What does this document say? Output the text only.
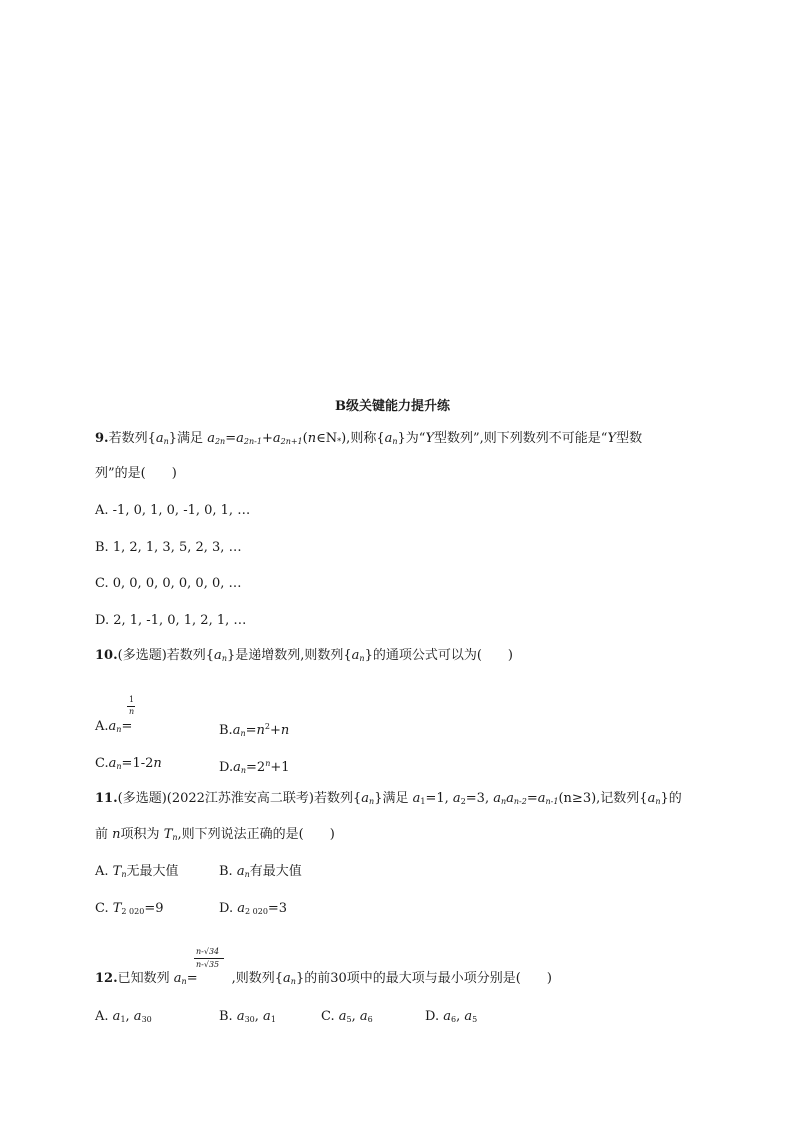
B级关键能力提升练
9.若数列$\{a_n\}$满足 $a_{2n}=a_{2n-1}+a_{2n+1}(n\in N_*)$,则称$\{a_n\}$为“Y型数列”,则下列数列不可能是“Y型数
列”的是(　　)
A. -1, 0, 1, 0, -1, 0, 1, …
B. 1, 2, 1, 3, 5, 2, 3, …
C. 0, 0, 0, 0, 0, 0, 0, …
D. 2, 1, -1, 0, 1, 2, 1, …
10.(多选题)若数列$\{a_n\}$是递增数列,则数列$\{a_n\}$的通项公式可以为(　　)
1
n
$A.a_n=$	$B.a_n=n^2+n$
$C.a_n=1-2n$	$D.a_n=2^n+1$
11.(多选题)(2022江苏淮安高二联考)若数列$\{a_n\}$满足 $a_1=1$, $a_2=3$, $a_na_{n-2}=a_{n-1}(n\ge 3)$,记数列$\{a_n\}$的
前 n项积为 $T_n$,则下列说法正确的是(　　)
A. $T_n$无最大值	B. $a_n$有最大值
C. $T_{2 020}=9$	D. $a_{2 020}=3$
n-√34
n-√35
12.已知数列 $a_n=$	,则数列$\{a_n\}$的前30项中的最大项与最小项分别是(　　)
A. $a_1$, $a_{30}$	B. $a_{30}$, $a_1$	C. $a_5$, $a_6$	D. $a_6$, $a_5$
